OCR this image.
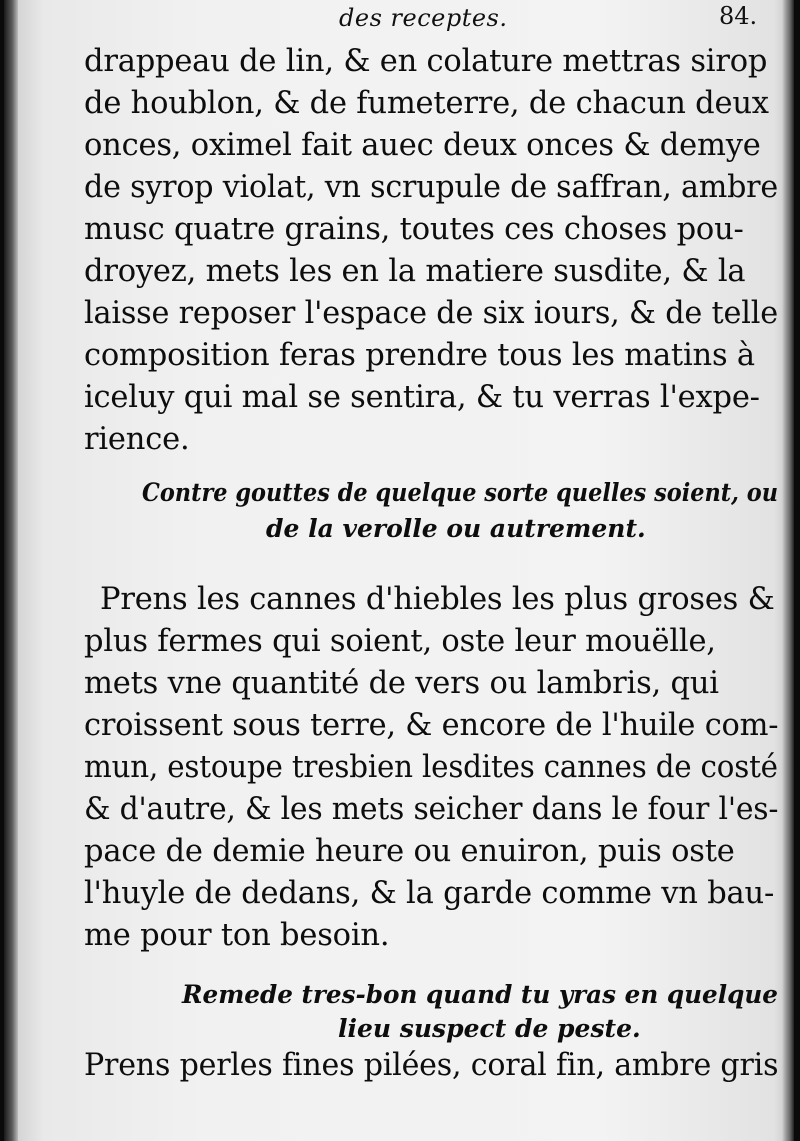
des receptes.	84.
drappeau de lin, & en colature mettras sirop
de houblon, & de fumeterre, de chacun deux
onces, oximel fait auec deux onces & demye
de syrop violat, vn scrupule de saffran, ambre
musc quatre grains, toutes ces choses pou-
droyez, mets les en la matiere susdite, & la
laisse reposer l'espace de six iours, & de telle
composition feras prendre tous les matins à
iceluy qui mal se sentira, & tu verras l'expe-
rience.
Contre gouttes de quelque sorte quelles soient, ou
de la verolle ou autrement.
Prens les cannes d'hiebles les plus groses &
plus fermes qui soient, oste leur mouëlle,
mets vne quantité de vers ou lambris, qui
croissent sous terre, & encore de l'huile com-
mun, estoupe tresbien lesdites cannes de costé
& d'autre, & les mets seicher dans le four l'es-
pace de demie heure ou enuiron, puis oste
l'huyle de dedans, & la garde comme vn bau-
me pour ton besoin.
Remede tres-bon quand tu yras en quelque
lieu suspect de peste.
Prens perles fines pilées, coral fin, ambre gris
